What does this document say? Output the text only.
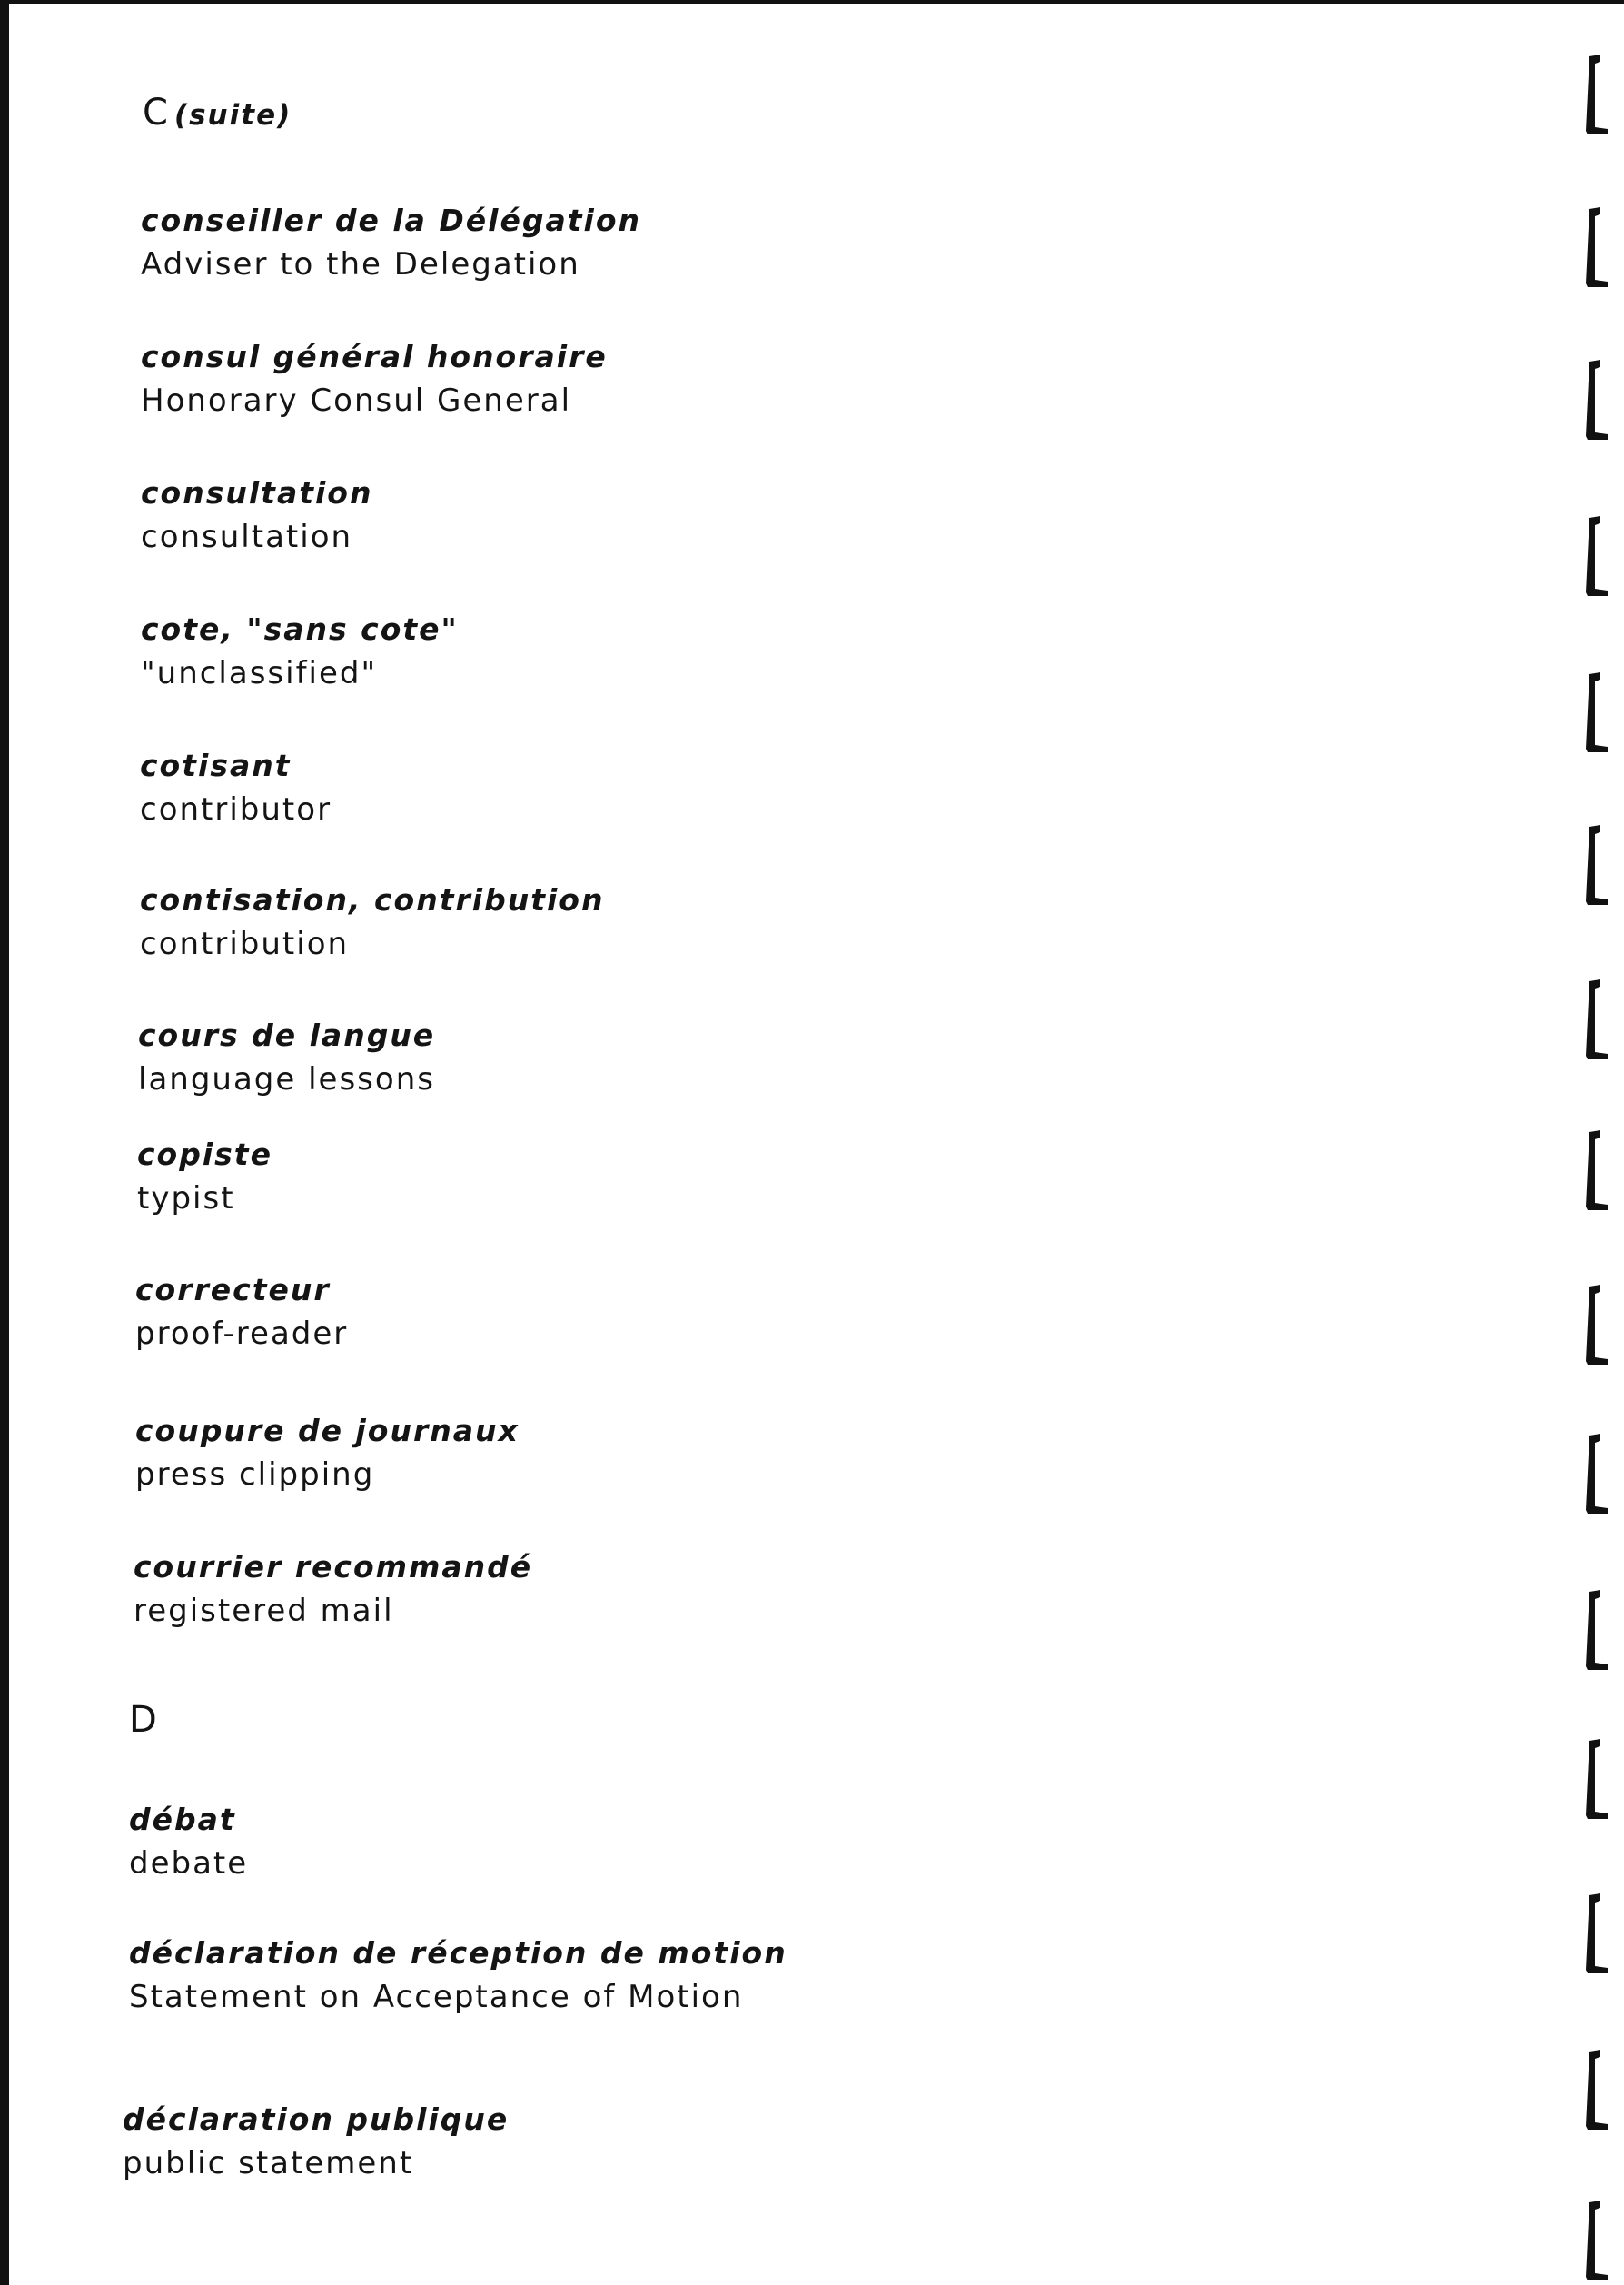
C (suite)
conseiller de la Délégation
Adviser to the Delegation
consul général honoraire
Honorary Consul General
consultation
consultation
cote, "sans cote"
"unclassified"
cotisant
contributor
contisation, contribution
contribution
cours de langue
language lessons
copiste
typist
correcteur
proof-reader
coupure de journaux
press clipping
courrier recommandé
registered mail
D
débat
debate
déclaration de réception de motion
Statement on Acceptance of Motion
déclaration publique
public statement
